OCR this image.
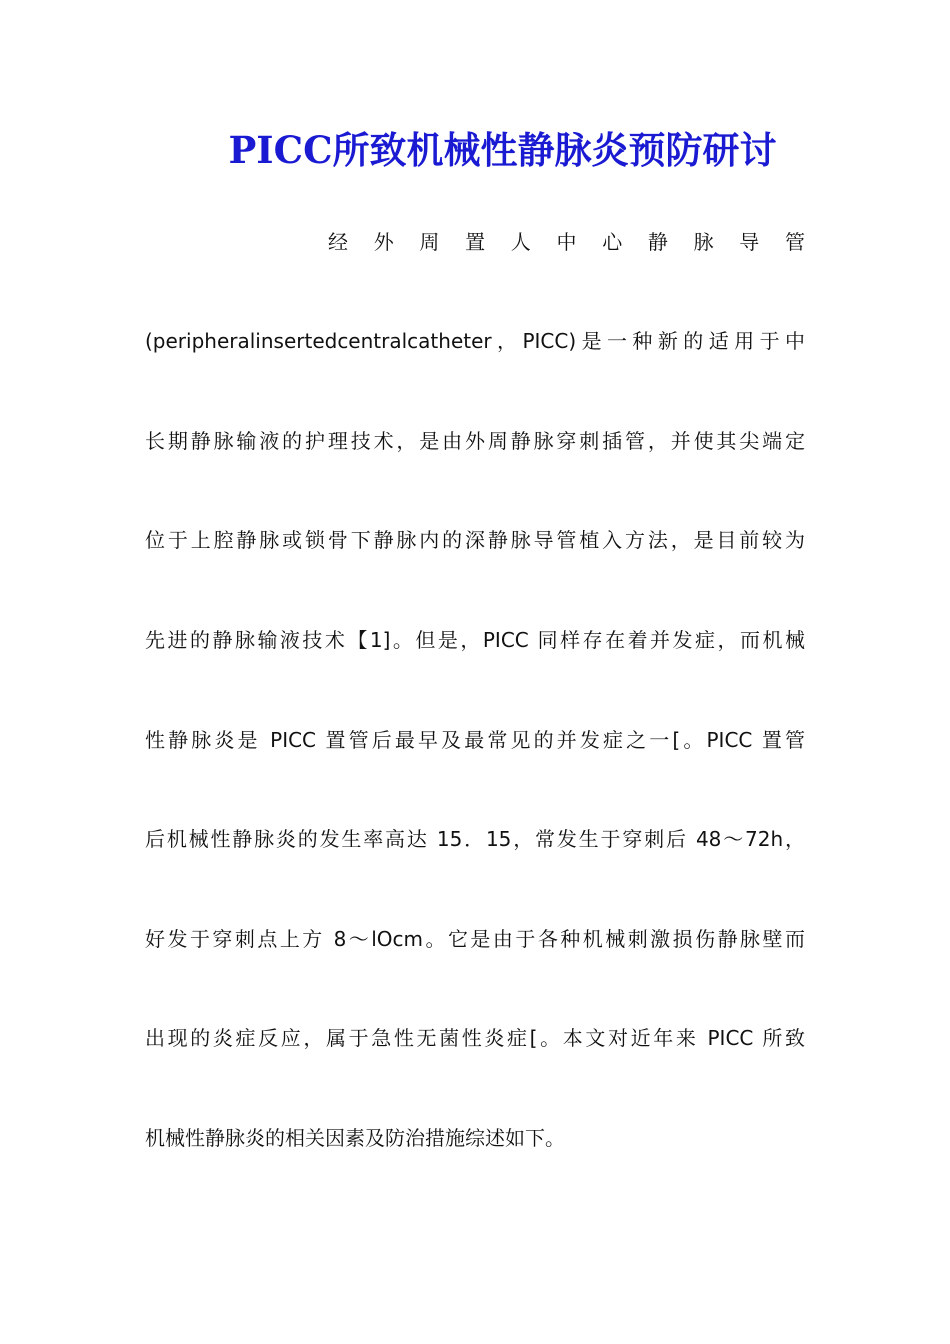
PICC所致机械性静脉炎预防研讨
经 外 周 置 人 中 心 静 脉 导 管
(peripheralinsertedcentralcatheter，PICC)是一种新的适用于中
长期静脉输液的护理技术，是由外周静脉穿刺插管，并使其尖端定
位于上腔静脉或锁骨下静脉内的深静脉导管植入方法，是目前较为
先进的静脉输液技术【1]。但是，PICC 同样存在着并发症，而机械
性静脉炎是 PICC 置管后最早及最常见的并发症之一[。PICC 置管
后机械性静脉炎的发生率高达 15．15，常发生于穿刺后 48～72h，
好发于穿刺点上方 8～lOcm。它是由于各种机械刺激损伤静脉壁而
出现的炎症反应，属于急性无菌性炎症[。本文对近年来 PICC 所致
机械性静脉炎的相关因素及防治措施综述如下。
